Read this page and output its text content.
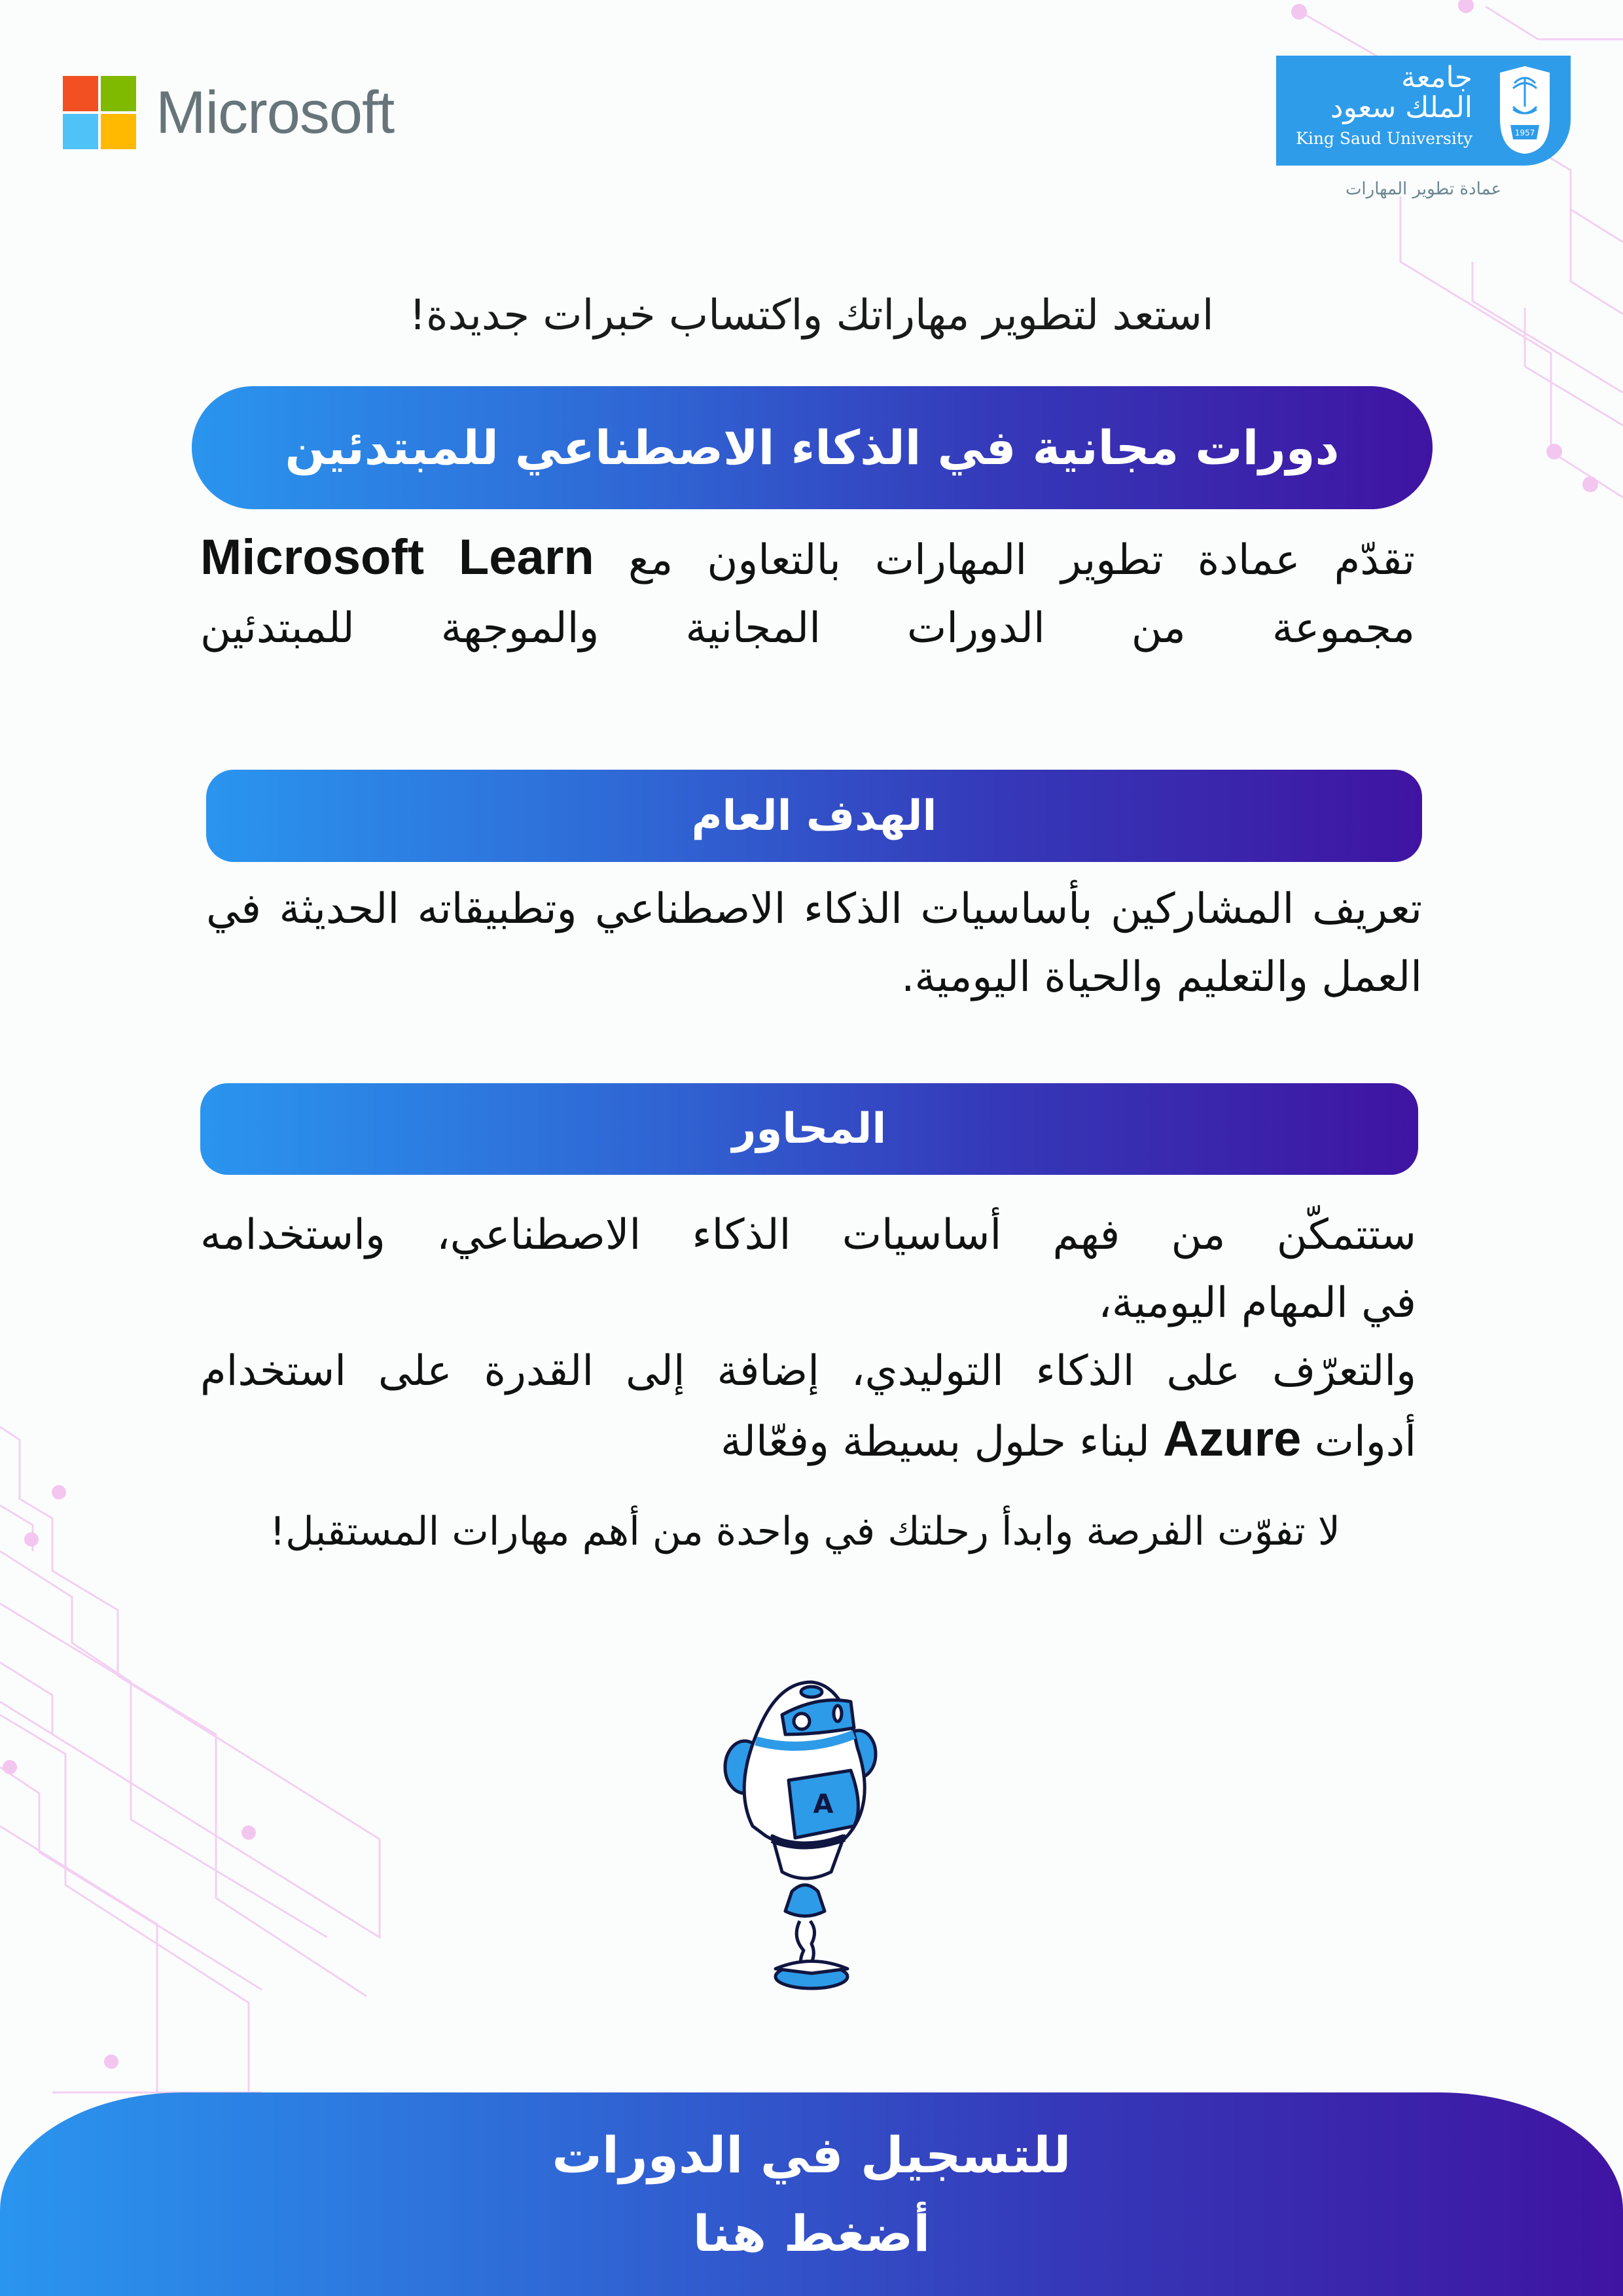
Microsoft
جامعة
الملك سعود
King Saud University	1957
عمادة تطوير المهارات
استعد لتطوير مهاراتك واكتساب خبرات جديدة!
دورات مجانية في الذكاء الاصطناعي للمبتدئين
تقدّم عمادة تطوير المهارات بالتعاون مع Microsoft Learn
مجموعة من الدورات المجانية والموجهة للمبتدئين
الهدف العام
تعريف المشاركين بأساسيات الذكاء الاصطناعي وتطبيقاته الحديثة في العمل والتعليم والحياة اليومية.
المحاور
ستتمكّن من فهم أساسيات الذكاء الاصطناعي، واستخدامه
في المهام اليومية،
والتعرّف على الذكاء التوليدي، إضافة إلى القدرة على استخدام
أدوات Azure لبناء حلول بسيطة وفعّالة
لا تفوّت الفرصة وابدأ رحلتك في واحدة من أهم مهارات المستقبل!
A
للتسجيل في الدورات
أضغط هنا
